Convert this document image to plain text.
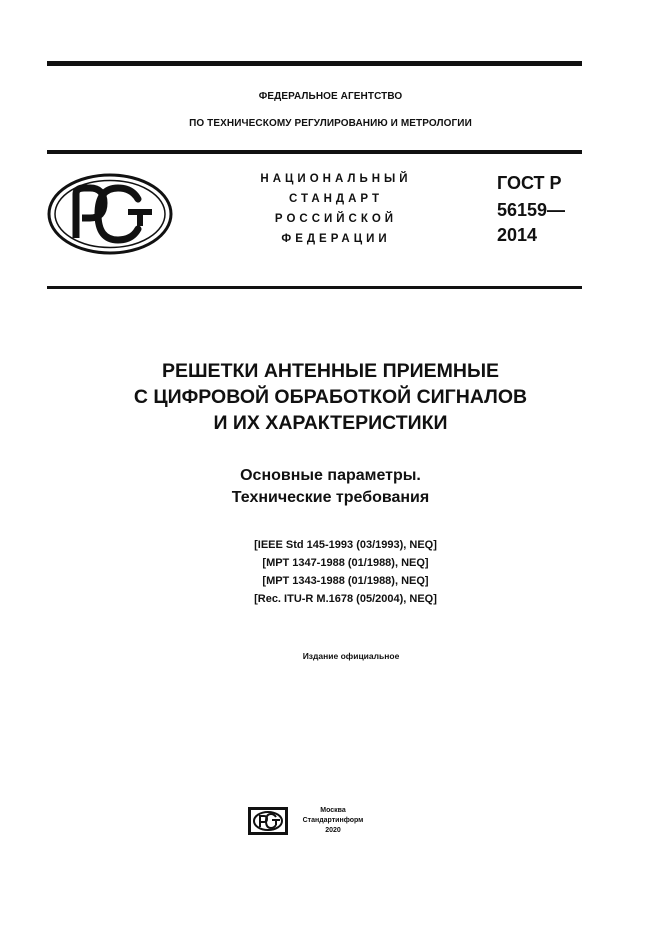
ФЕДЕРАЛЬНОЕ АГЕНТСТВО
ПО ТЕХНИЧЕСКОМУ РЕГУЛИРОВАНИЮ И МЕТРОЛОГИИ
НАЦИОНАЛЬНЫЙ
СТАНДАРТ
РОССИЙСКОЙ
ФЕДЕРАЦИИ
ГОСТ Р
56159—
2014
РЕШЕТКИ АНТЕННЫЕ ПРИЕМНЫЕ
С ЦИФРОВОЙ ОБРАБОТКОЙ СИГНАЛОВ
И ИХ ХАРАКТЕРИСТИКИ
Основные параметры.
Технические требования
[IEEE Std 145-1993 (03/1993), NEQ]
[МРТ 1347-1988 (01/1988), NEQ]
[МРТ 1343-1988 (01/1988), NEQ]
[Rec. ITU-R M.1678 (05/2004), NEQ]
Издание официальное
Москва
Стандартинформ
2020
